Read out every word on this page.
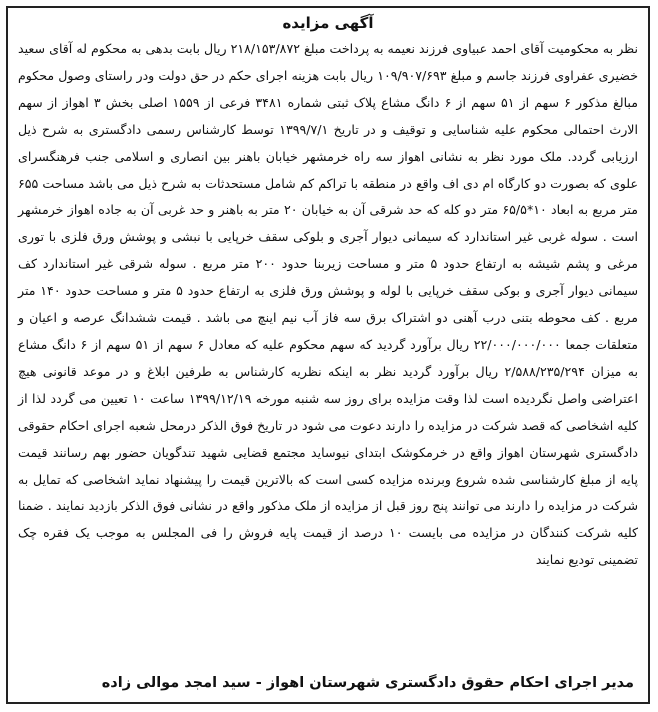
آگهی مزایده

نظر به محکومیت آقای احمد عبیاوی فرزند نعیمه به پرداخت مبلغ ۲۱۸/۱۵۳/۸۷۲ ریال بابت بدهی به محکوم له آقای سعید خضیری عفراوی فرزند جاسم و مبلغ ۱۰۹/۹۰۷/۶۹۳ ریال بابت هزینه اجرای حکم در حق دولت ودر راستای وصول محکوم مبالغ مذکور ۶ سهم از ۵۱ سهم از ۶ دانگ مشاع پلاک ثبتی شماره ۳۴۸۱ فرعی از ۱۵۵۹ اصلی بخش ۳ اهواز از سهم الارث احتمالی محکوم علیه شناسایی و توقیف و در تاریخ ۱۳۹۹/۷/۱ توسط کارشناس رسمی دادگستری به شرح ذیل ارزیابی گردد. ملک مورد نظر به نشانی اهواز سه راه خرمشهر خیابان باهنر بین انصاری و اسلامی جنب فرهنگسرای علوی که بصورت دو کارگاه ام دی اف واقع در منطقه با تراکم کم شامل مستحدثات به شرح ذیل می باشد مساحت ۶۵۵ متر مربع به ابعاد ۱۰*۶۵/۵ متر دو کله که حد شرقی آن به خیابان ۲۰ متر به باهنر و حد غربی آن به جاده اهواز خرمشهر است . سوله غربی غیر استاندارد که سیمانی دیوار آجری و بلوکی سقف خرپایی با نبشی و پوشش ورق فلزی با توری مرغی و پشم شیشه به ارتفاع حدود ۵ متر و مساحت زیربنا حدود ۲۰۰ متر مربع . سوله شرقی غیر استاندارد کف سیمانی دیوار آجری و بوکی سقف خرپایی با لوله و پوشش ورق فلزی به ارتفاع حدود ۵ متر و مساحت حدود ۱۴۰ متر مربع . کف محوطه بتنی درب آهنی دو اشتراک برق سه فاز آب نیم اینچ می باشد . قیمت ششدانگ عرصه و اعیان و متعلقات جمعا ۲۲/۰۰۰/۰۰۰/۰۰۰ ریال برآورد گردید که سهم محکوم علیه که معادل ۶ سهم از ۵۱ سهم از ۶ دانگ مشاع به میزان ۲/۵۸۸/۲۳۵/۲۹۴ ریال برآورد گردید نظر به اینکه نظریه کارشناس به طرفین ابلاغ و در موعد قانونی هیچ اعتراضی واصل نگردیده است لذا وقت مزایده برای روز سه شنبه مورخه ۱۳۹۹/۱۲/۱۹ ساعت ۱۰ تعیین می گردد لذا از کلیه اشخاصی که قصد شرکت در مزایده را دارند دعوت می شود در تاریخ فوق الذکر درمحل شعبه اجرای احکام حقوقی دادگستری شهرستان اهواز واقع در خرمکوشک ابتدای نیوساید مجتمع قضایی شهید تندگویان حضور بهم رسانند قیمت پایه از مبلغ کارشناسی شده شروع وبرنده مزایده کسی است که بالاترین قیمت را پیشنهاد نماید اشخاصی که تمایل به شرکت در مزایده را دارند می توانند پنج روز قبل از مزایده از ملک مذکور واقع در نشانی فوق الذکر بازدید نمایند . ضمنا کلیه شرکت کنندگان در مزایده می بایست ۱۰ درصد از قیمت پایه فروش را فی المجلس به موجب یک فقره چک تضمینی تودیع نمایند

مدیر اجرای احکام حقوق دادگستری شهرستان اهواز - سید امجد موالی زاده
